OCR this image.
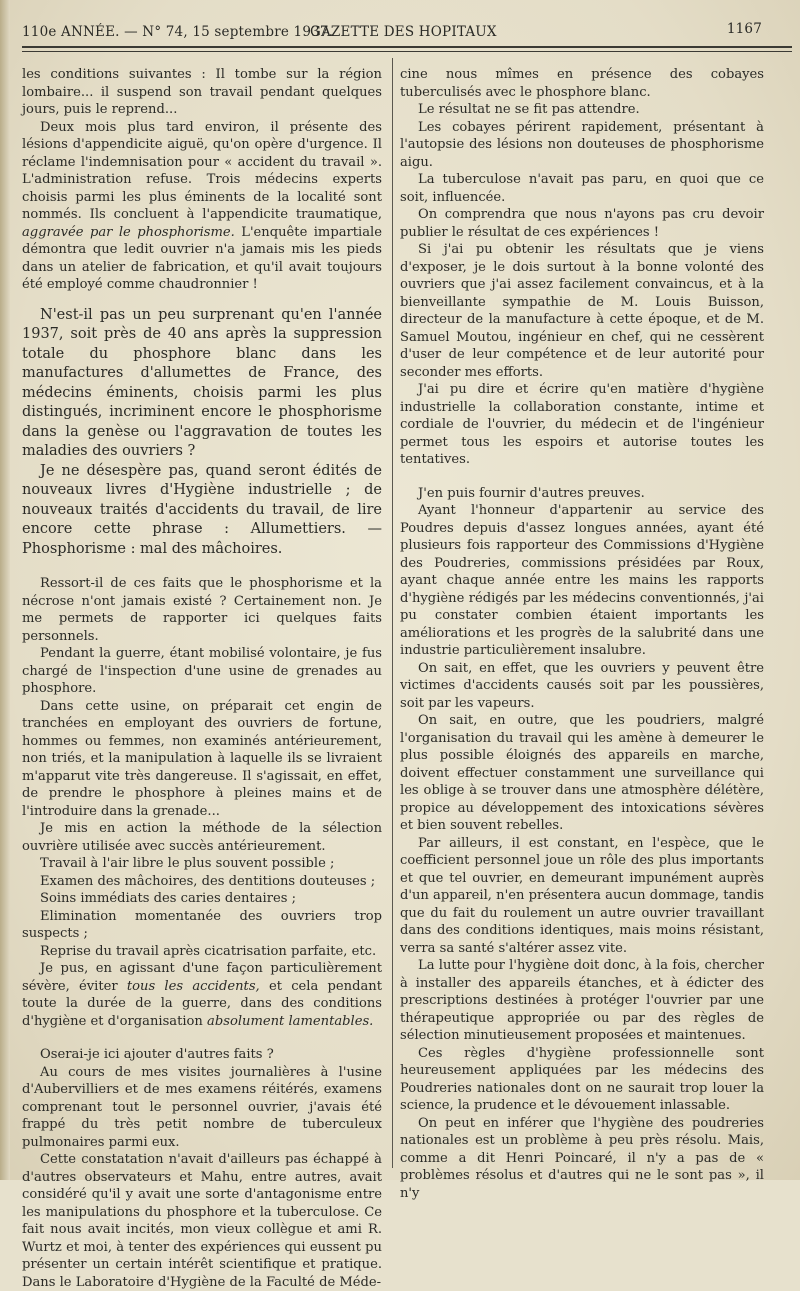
110e ANNÉE. — N° 74, 15 septembre 1937.
GAZETTE DES HOPITAUX	1167

les conditions suivantes : Il tombe sur la région lombaire... il suspend son travail pendant quelques jours, puis le reprend...

Deux mois plus tard environ, il présente des lésions d'appendicite aiguë, qu'on opère d'urgence. Il réclame l'indemnisation pour « accident du travail ». L'administration refuse. Trois médecins experts choisis parmi les plus éminents de la localité sont nommés. Ils concluent à l'appendicite traumatique, aggravée par le phosphorisme. L'enquête impartiale démontra que ledit ouvrier n'a jamais mis les pieds dans un atelier de fabrication, et qu'il avait toujours été employé comme chaudronnier !

N'est-il pas un peu surprenant qu'en l'année 1937, soit près de 40 ans après la suppression totale du phosphore blanc dans les manufactures d'allumettes de France, des médecins éminents, choisis parmi les plus distingués, incriminent encore le phosphorisme dans la genèse ou l'aggravation de toutes les maladies des ouvriers ?

Je ne désespère pas, quand seront édités de nouveaux livres d'Hygiène industrielle ; de nouveaux traités d'accidents du travail, de lire encore cette phrase : Allumettiers. — Phosphorisme : mal des mâchoires.

Ressort-il de ces faits que le phosphorisme et la nécrose n'ont jamais existé ? Certainement non. Je me permets de rapporter ici quelques faits personnels.

Pendant la guerre, étant mobilisé volontaire, je fus chargé de l'inspection d'une usine de grenades au phosphore.

Dans cette usine, on préparait cet engin de tranchées en employant des ouvriers de fortune, hommes ou femmes, non examinés antérieurement, non triés, et la manipulation à laquelle ils se livraient m'apparut vite très dangereuse. Il s'agissait, en effet, de prendre le phosphore à pleines mains et de l'introduire dans la grenade...

Je mis en action la méthode de la sélection ouvrière utilisée avec succès antérieurement.

Travail à l'air libre le plus souvent possible ;

Examen des mâchoires, des dentitions douteuses ;

Soins immédiats des caries dentaires ;

Elimination momentanée des ouvriers trop suspects ;

Reprise du travail après cicatrisation parfaite, etc.

Je pus, en agissant d'une façon particulièrement sévère, éviter tous les accidents, et cela pendant toute la durée de la guerre, dans des conditions d'hygiène et d'organisation absolument lamentables.

Oserai-je ici ajouter d'autres faits ?

Au cours de mes visites journalières à l'usine d'Aubervilliers et de mes examens réitérés, examens comprenant tout le personnel ouvrier, j'avais été frappé du très petit nombre de tuberculeux pulmonaires parmi eux.

Cette constatation n'avait d'ailleurs pas échappé à d'autres observateurs et Mahu, entre autres, avait considéré qu'il y avait une sorte d'antagonisme entre les manipulations du phosphore et la tuberculose. Ce fait nous avait incités, mon vieux collègue et ami R. Wurtz et moi, à tenter des expériences qui eussent pu présenter un certain intérêt scientifique et pratique. Dans le Laboratoire d'Hygiène de la Faculté de Méde-

cine nous mîmes en présence des cobayes tuberculisés avec le phosphore blanc.

Le résultat ne se fit pas attendre.

Les cobayes périrent rapidement, présentant à l'autopsie des lésions non douteuses de phosphorisme aigu.

La tuberculose n'avait pas paru, en quoi que ce soit, influencée.

On comprendra que nous n'ayons pas cru devoir publier le résultat de ces expériences !

Si j'ai pu obtenir les résultats que je viens d'exposer, je le dois surtout à la bonne volonté des ouvriers que j'ai assez facilement convaincus, et à la bienveillante sympathie de M. Louis Buisson, directeur de la manufacture à cette époque, et de M. Samuel Moutou, ingénieur en chef, qui ne cessèrent d'user de leur compétence et de leur autorité pour seconder mes efforts.

J'ai pu dire et écrire qu'en matière d'hygiène industrielle la collaboration constante, intime et cordiale de l'ouvrier, du médecin et de l'ingénieur permet tous les espoirs et autorise toutes les tentatives.

J'en puis fournir d'autres preuves.

Ayant l'honneur d'appartenir au service des Poudres depuis d'assez longues années, ayant été plusieurs fois rapporteur des Commissions d'Hygiène des Poudreries, commissions présidées par Roux, ayant chaque année entre les mains les rapports d'hygiène rédigés par les médecins conventionnés, j'ai pu constater combien étaient importants les améliorations et les progrès de la salubrité dans une industrie particulièrement insalubre.

On sait, en effet, que les ouvriers y peuvent être victimes d'accidents causés soit par les poussières, soit par les vapeurs.

On sait, en outre, que les poudriers, malgré l'organisation du travail qui les amène à demeurer le plus possible éloignés des appareils en marche, doivent effectuer constamment une surveillance qui les oblige à se trouver dans une atmosphère délétère, propice au développement des intoxications sévères et bien souvent rebelles.

Par ailleurs, il est constant, en l'espèce, que le coefficient personnel joue un rôle des plus importants et que tel ouvrier, en demeurant impunément auprès d'un appareil, n'en présentera aucun dommage, tandis que du fait du roulement un autre ouvrier travaillant dans des conditions identiques, mais moins résistant, verra sa santé s'altérer assez vite.

La lutte pour l'hygiène doit donc, à la fois, chercher à installer des appareils étanches, et à édicter des prescriptions destinées à protéger l'ouvrier par une thérapeutique appropriée ou par des règles de sélection minutieusement proposées et maintenues.

Ces règles d'hygiène professionnelle sont heureusement appliquées par les médecins des Poudreries nationales dont on ne saurait trop louer la science, la prudence et le dévouement inlassable.

On peut en inférer que l'hygiène des poudreries nationales est un problème à peu près résolu. Mais, comme a dit Henri Poincaré, il n'y a pas de « problèmes résolus et d'autres qui ne le sont pas », il n'y
